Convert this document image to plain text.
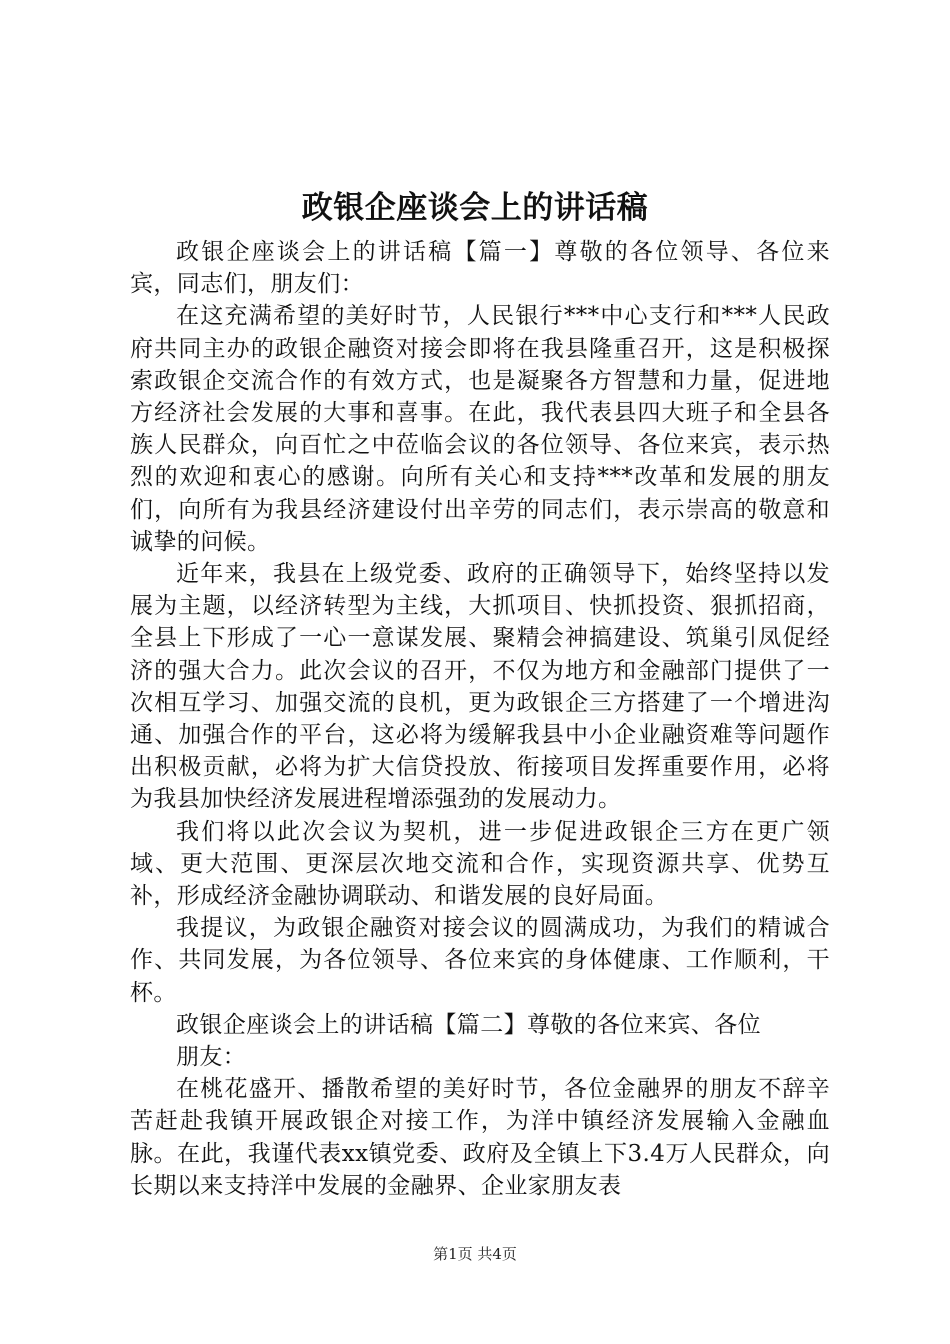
政银企座谈会上的讲话稿

政银企座谈会上的讲话稿【篇一】尊敬的各位领导、各位来宾，同志们，朋友们：

在这充满希望的美好时节，人民银行***中心支行和***人民政府共同主办的政银企融资对接会即将在我县隆重召开，这是积极探索政银企交流合作的有效方式，也是凝聚各方智慧和力量，促进地方经济社会发展的大事和喜事。在此，我代表县四大班子和全县各族人民群众，向百忙之中莅临会议的各位领导、各位来宾，表示热烈的欢迎和衷心的感谢。向所有关心和支持***改革和发展的朋友们，向所有为我县经济建设付出辛劳的同志们，表示崇高的敬意和诚挚的问候。

近年来，我县在上级党委、政府的正确领导下，始终坚持以发展为主题，以经济转型为主线，大抓项目、快抓投资、狠抓招商，全县上下形成了一心一意谋发展、聚精会神搞建设、筑巢引凤促经济的强大合力。此次会议的召开，不仅为地方和金融部门提供了一次相互学习、加强交流的良机，更为政银企三方搭建了一个增进沟通、加强合作的平台，这必将为缓解我县中小企业融资难等问题作出积极贡献，必将为扩大信贷投放、衔接项目发挥重要作用，必将为我县加快经济发展进程增添强劲的发展动力。

我们将以此次会议为契机，进一步促进政银企三方在更广领域、更大范围、更深层次地交流和合作，实现资源共享、优势互补，形成经济金融协调联动、和谐发展的良好局面。

我提议，为政银企融资对接会议的圆满成功，为我们的精诚合作、共同发展，为各位领导、各位来宾的身体健康、工作顺利，干杯。

政银企座谈会上的讲话稿【篇二】尊敬的各位来宾、各位

朋友：

在桃花盛开、播散希望的美好时节，各位金融界的朋友不辞辛苦赶赴我镇开展政银企对接工作，为洋中镇经济发展输入金融血脉。在此，我谨代表xx镇党委、政府及全镇上下3.4万人民群众，向长期以来支持洋中发展的金融界、企业家朋友表

第1页 共4页
